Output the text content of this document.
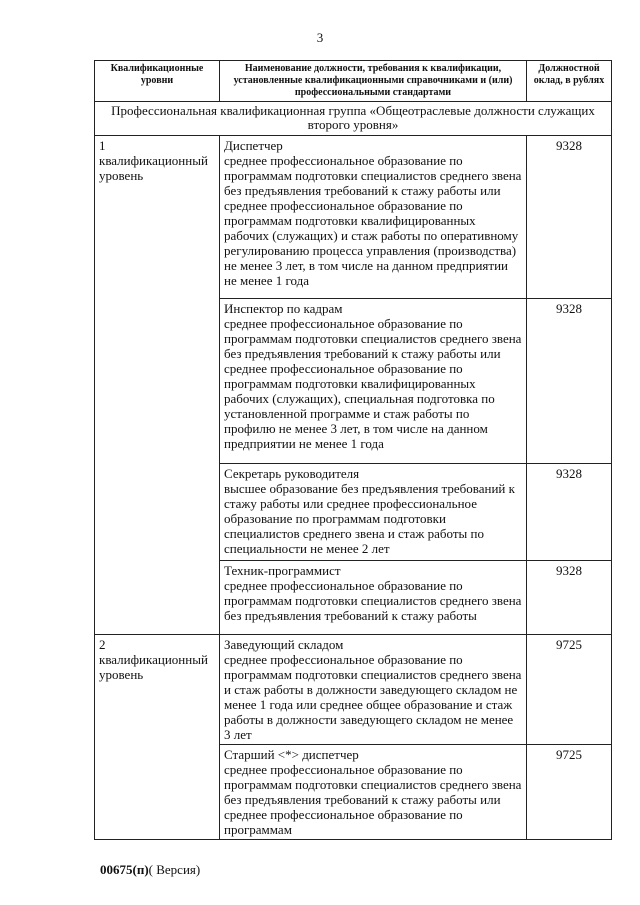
3
Квалификационные уровни	Наименование должности, требования к квалификации, установленные квалификационными справочниками и (или) профессиональными стандартами	Должностной оклад, в рублях
Профессиональная квалификационная группа «Общеотраслевые должности служащих второго уровня»		
1 квалификационный уровень	Диспетчер
среднее профессиональное образование по программам подготовки специалистов среднего звена без предъявления требований к стажу работы или среднее профессиональное образование по программам подготовки квалифицированных рабочих (служащих) и стаж работы по оперативному регулированию процесса управления (производства) не менее 3 лет, в том числе на данном предприятии не менее 1 года	9328

	Инспектор по кадрам
среднее профессиональное образование по программам подготовки специалистов среднего звена без предъявления требований к стажу работы или среднее профессиональное образование по программам подготовки квалифицированных рабочих (служащих), специальная подготовка по установленной программе и стаж работы по профилю не менее 3 лет, в том числе на данном предприятии не менее 1 года	9328

	Секретарь руководителя
высшее образование без предъявления требований к стажу работы или среднее профессиональное образование по программам подготовки специалистов среднего звена и стаж работы по специальности не менее 2 лет	9328

	Техник-программист
среднее профессиональное образование по программам подготовки специалистов среднего звена без предъявления требований к стажу работы	9328
2 квалификационный уровень	Заведующий складом
среднее профессиональное образование по программам подготовки специалистов среднего звена и стаж работы в должности заведующего складом не менее 1 года или среднее общее образование и стаж работы в должности заведующего складом не менее 3 лет	9725

	Старший <*> диспетчер
среднее профессиональное образование по программам подготовки специалистов среднего звена без предъявления требований к стажу работы или среднее профессиональное образование по программам	9725
00675(п)( Версия)
